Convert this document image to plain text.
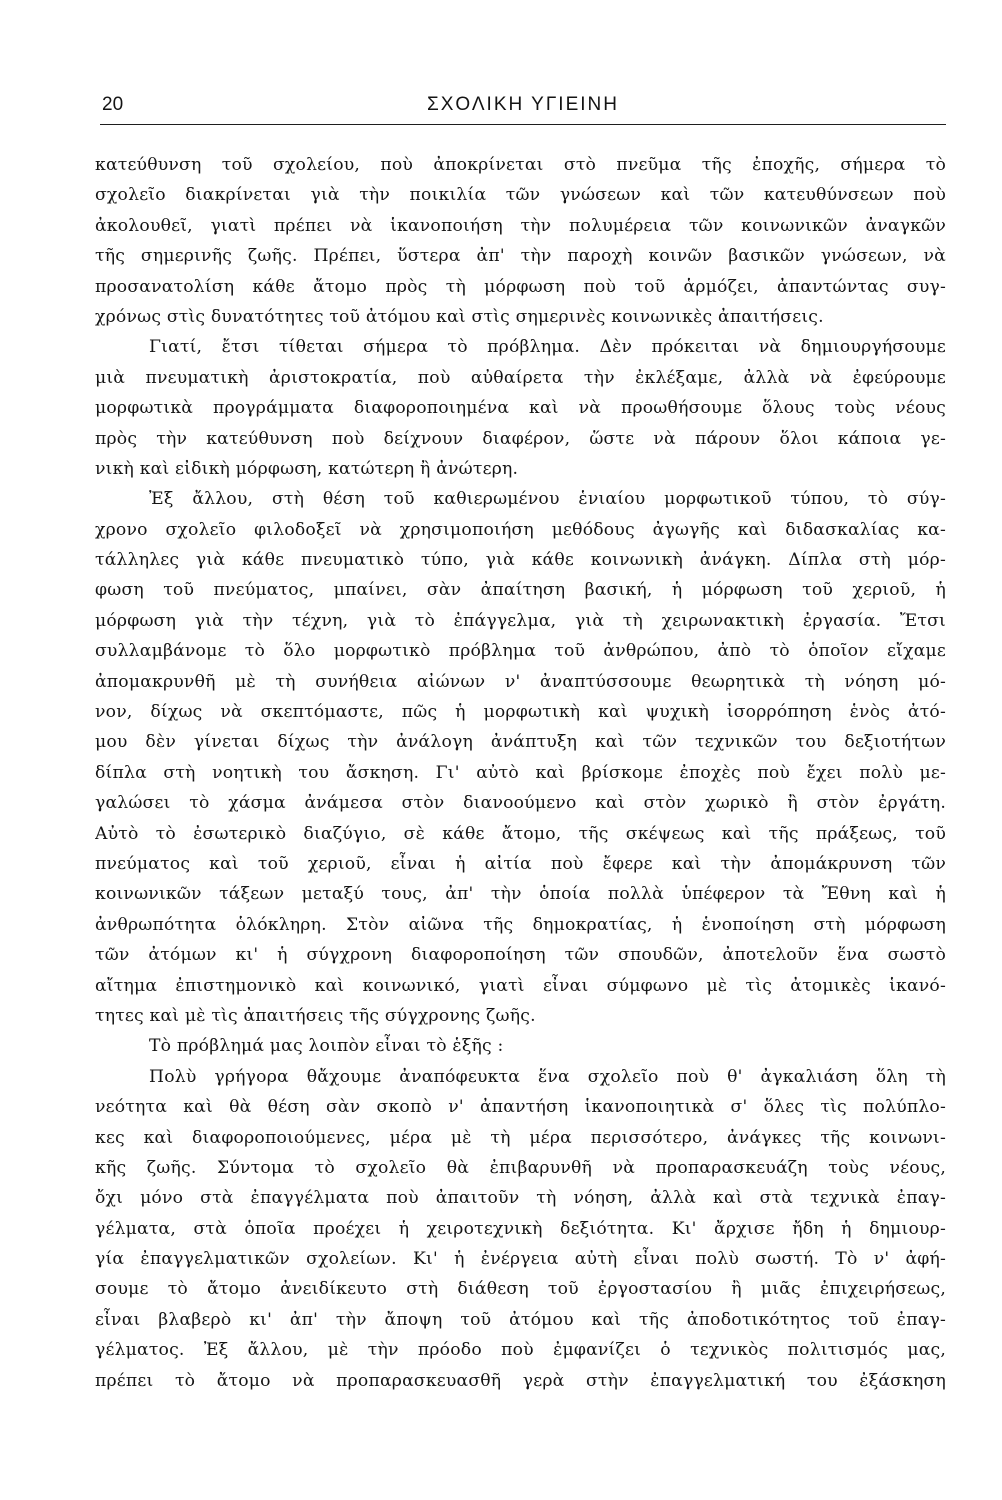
20	ΣΧΟΛΙΚΗ ΥΓΙΕΙΝΗ
κατεύθυνση τοῦ σχολείου, ποὺ ἀποκρίνεται στὸ πνεῦμα τῆς ἐποχῆς, σήμερα τὸ
σχολεῖο διακρίνεται γιὰ τὴν ποικιλία τῶν γνώσεων καὶ τῶν κατευθύνσεων ποὺ
ἀκολουθεῖ, γιατὶ πρέπει νὰ ἱκανοποιήση τὴν πολυμέρεια τῶν κοινωνικῶν ἀναγκῶν
τῆς σημερινῆς ζωῆς. Πρέπει, ὕστερα ἀπ' τὴν παροχὴ κοινῶν βασικῶν γνώσεων, νὰ
προσανατολίση κάθε ἄτομο πρὸς τὴ μόρφωση ποὺ τοῦ ἁρμόζει, ἀπαντώντας συγ-
χρόνως στὶς δυνατότητες τοῦ ἀτόμου καὶ στὶς σημερινὲς κοινωνικὲς ἀπαιτήσεις.
Γιατί, ἔτσι τίθεται σήμερα τὸ πρόβλημα. Δὲν πρόκειται νὰ δημιουργήσουμε
μιὰ πνευματικὴ ἀριστοκρατία, ποὺ αὐθαίρετα τὴν ἐκλέξαμε, ἀλλὰ νὰ ἐφεύρουμε
μορφωτικὰ προγράμματα διαφοροποιημένα καὶ νὰ προωθήσουμε ὅλους τοὺς νέους
πρὸς τὴν κατεύθυνση ποὺ δείχνουν διαφέρον, ὥστε νὰ πάρουν ὅλοι κάποια γε-
νικὴ καὶ εἰδικὴ μόρφωση, κατώτερη ἢ ἀνώτερη.
Ἐξ ἄλλου, στὴ θέση τοῦ καθιερωμένου ἑνιαίου μορφωτικοῦ τύπου, τὸ σύγ-
χρονο σχολεῖο φιλοδοξεῖ νὰ χρησιμοποιήση μεθόδους ἀγωγῆς καὶ διδασκαλίας κα-
τάλληλες γιὰ κάθε πνευματικὸ τύπο, γιὰ κάθε κοινωνικὴ ἀνάγκη. Δίπλα στὴ μόρ-
φωση τοῦ πνεύματος, μπαίνει, σὰν ἀπαίτηση βασική, ἡ μόρφωση τοῦ χεριοῦ, ἡ
μόρφωση γιὰ τὴν τέχνη, γιὰ τὸ ἐπάγγελμα, γιὰ τὴ χειρωνακτικὴ ἐργασία. Ἔτσι
συλλαμβάνομε τὸ ὅλο μορφωτικὸ πρόβλημα τοῦ ἀνθρώπου, ἀπὸ τὸ ὁποῖον εἴχαμε
ἀπομακρυνθῆ μὲ τὴ συνήθεια αἰώνων ν' ἀναπτύσσουμε θεωρητικὰ τὴ νόηση μό-
νον, δίχως νὰ σκεπτόμαστε, πῶς ἡ μορφωτικὴ καὶ ψυχικὴ ἰσορρόπηση ἑνὸς ἀτό-
μου δὲν γίνεται δίχως τὴν ἀνάλογη ἀνάπτυξη καὶ τῶν τεχνικῶν του δεξιοτήτων
δίπλα στὴ νοητικὴ του ἄσκηση. Γι' αὐτὸ καὶ βρίσκομε ἐποχὲς ποὺ ἔχει πολὺ με-
γαλώσει τὸ χάσμα ἀνάμεσα στὸν διανοούμενο καὶ στὸν χωρικὸ ἢ στὸν ἐργάτη.
Αὐτὸ τὸ ἐσωτερικὸ διαζύγιο, σὲ κάθε ἄτομο, τῆς σκέψεως καὶ τῆς πράξεως, τοῦ
πνεύματος καὶ τοῦ χεριοῦ, εἶναι ἡ αἰτία ποὺ ἔφερε καὶ τὴν ἀπομάκρυνση τῶν
κοινωνικῶν τάξεων μεταξύ τους, ἀπ' τὴν ὁποία πολλὰ ὑπέφερον τὰ Ἔθνη καὶ ἡ
ἀνθρωπότητα ὁλόκληρη. Στὸν αἰῶνα τῆς δημοκρατίας, ἡ ἑνοποίηση στὴ μόρφωση
τῶν ἀτόμων κι' ἡ σύγχρονη διαφοροποίηση τῶν σπουδῶν, ἀποτελοῦν ἕνα σωστὸ
αἴτημα ἐπιστημονικὸ καὶ κοινωνικό, γιατὶ εἶναι σύμφωνο μὲ τὶς ἀτομικὲς ἱκανό-
τητες καὶ μὲ τὶς ἀπαιτήσεις τῆς σύγχρονης ζωῆς.
Τὸ πρόβλημά μας λοιπὸν εἶναι τὸ ἑξῆς :
Πολὺ γρήγορα θἄχουμε ἀναπόφευκτα ἕνα σχολεῖο ποὺ θ' ἀγκαλιάση ὅλη τὴ
νεότητα καὶ θὰ θέση σὰν σκοπὸ ν' ἀπαντήση ἱκανοποιητικὰ σ' ὅλες τὶς πολύπλο-
κες καὶ διαφοροποιούμενες, μέρα μὲ τὴ μέρα περισσότερο, ἀνάγκες τῆς κοινωνι-
κῆς ζωῆς. Σύντομα τὸ σχολεῖο θὰ ἐπιβαρυνθῆ νὰ προπαρασκευάζη τοὺς νέους,
ὄχι μόνο στὰ ἐπαγγέλματα ποὺ ἀπαιτοῦν τὴ νόηση, ἀλλὰ καὶ στὰ τεχνικὰ ἐπαγ-
γέλματα, στὰ ὁποῖα προέχει ἡ χειροτεχνικὴ δεξιότητα. Κι' ἄρχισε ἤδη ἡ δημιουρ-
γία ἐπαγγελματικῶν σχολείων. Κι' ἡ ἐνέργεια αὐτὴ εἶναι πολὺ σωστή. Τὸ ν' ἀφή-
σουμε τὸ ἄτομο ἀνειδίκευτο στὴ διάθεση τοῦ ἐργοστασίου ἢ μιᾶς ἐπιχειρήσεως,
εἶναι βλαβερὸ κι' ἀπ' τὴν ἄποψη τοῦ ἀτόμου καὶ τῆς ἀποδοτικότητος τοῦ ἐπαγ-
γέλματος. Ἐξ ἄλλου, μὲ τὴν πρόοδο ποὺ ἐμφανίζει ὁ τεχνικὸς πολιτισμός μας,
πρέπει τὸ ἄτομο νὰ προπαρασκευασθῆ γερὰ στὴν ἐπαγγελματική του ἐξάσκηση
